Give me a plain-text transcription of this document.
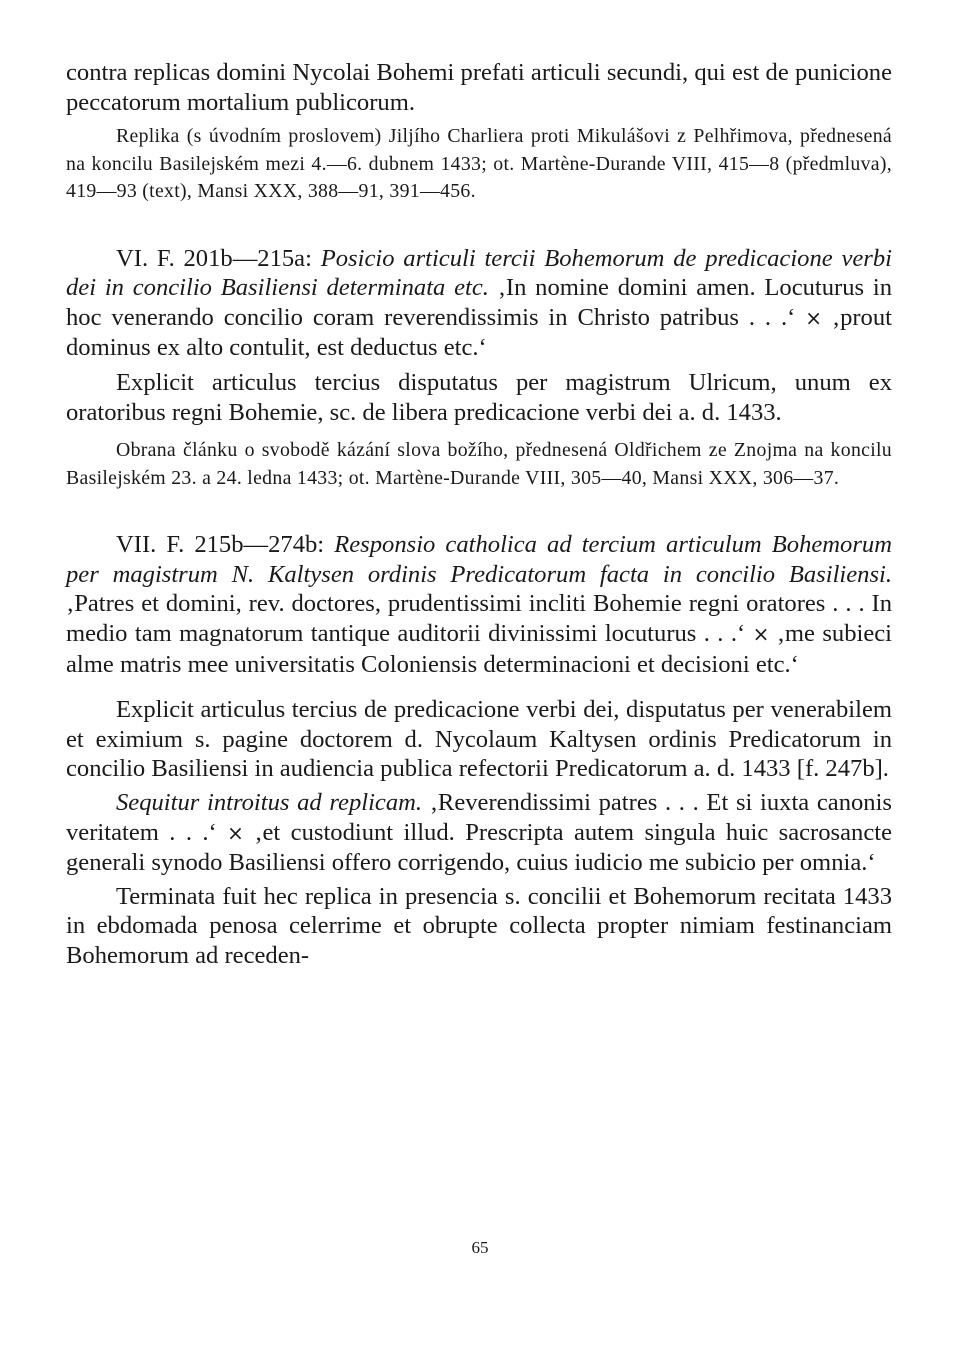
contra replicas domini Nycolai Bohemi prefati articuli secundi, qui est de punicione peccatorum mortalium publicorum.

Replika (s úvodním proslovem) Jiljího Charliera proti Mikulášovi z Pelhřimova, přednesená na koncilu Basilejském mezi 4.—6. dubnem 1433; ot. Martène-Durande VIII, 415—8 (předmluva), 419—93 (text), Mansi XXX, 388—91, 391—456.

VI. F. 201b—215a: Posicio articuli tercii Bohemorum de predicacione verbi dei in concilio Basiliensi determinata etc. ‚In nomine domini amen. Locuturus in hoc venerando concilio coram reverendissimis in Christo patribus . . .‘ × ‚prout dominus ex alto contulit, est deductus etc.‘

Explicit articulus tercius disputatus per magistrum Ulricum, unum ex oratoribus regni Bohemie, sc. de libera predicacione verbi dei a. d. 1433.

Obrana článku o svobodě kázání slova božího, přednesená Oldřichem ze Znojma na koncilu Basilejském 23. a 24. ledna 1433; ot. Martène-Durande VIII, 305—40, Mansi XXX, 306—37.

VII. F. 215b—274b: Responsio catholica ad tercium articulum Bohemorum per magistrum N. Kaltysen ordinis Predicatorum facta in concilio Basiliensi. ‚Patres et domini, rev. doctores, prudentissimi incliti Bohemie regni oratores . . . In medio tam magnatorum tantique auditorii divinissimi locuturus . . .‘ × ‚me subieci alme matris mee universitatis Coloniensis determinacioni et decisioni etc.‘

Explicit articulus tercius de predicacione verbi dei, disputatus per venerabilem et eximium s. pagine doctorem d. Nycolaum Kaltysen ordinis Predicatorum in concilio Basiliensi in audiencia publica refectorii Predicatorum a. d. 1433 [f. 247b].

Sequitur introitus ad replicam. ‚Reverendissimi patres . . . Et si iuxta canonis veritatem . . .‘ × ‚et custodiunt illud. Prescripta autem singula huic sacrosancte generali synodo Basiliensi offero corrigendo, cuius iudicio me subicio per omnia.‘

Terminata fuit hec replica in presencia s. concilii et Bohemorum recitata 1433 in ebdomada penosa celerrime et obrupte collecta propter nimiam festinanciam Bohemorum ad receden-

65
